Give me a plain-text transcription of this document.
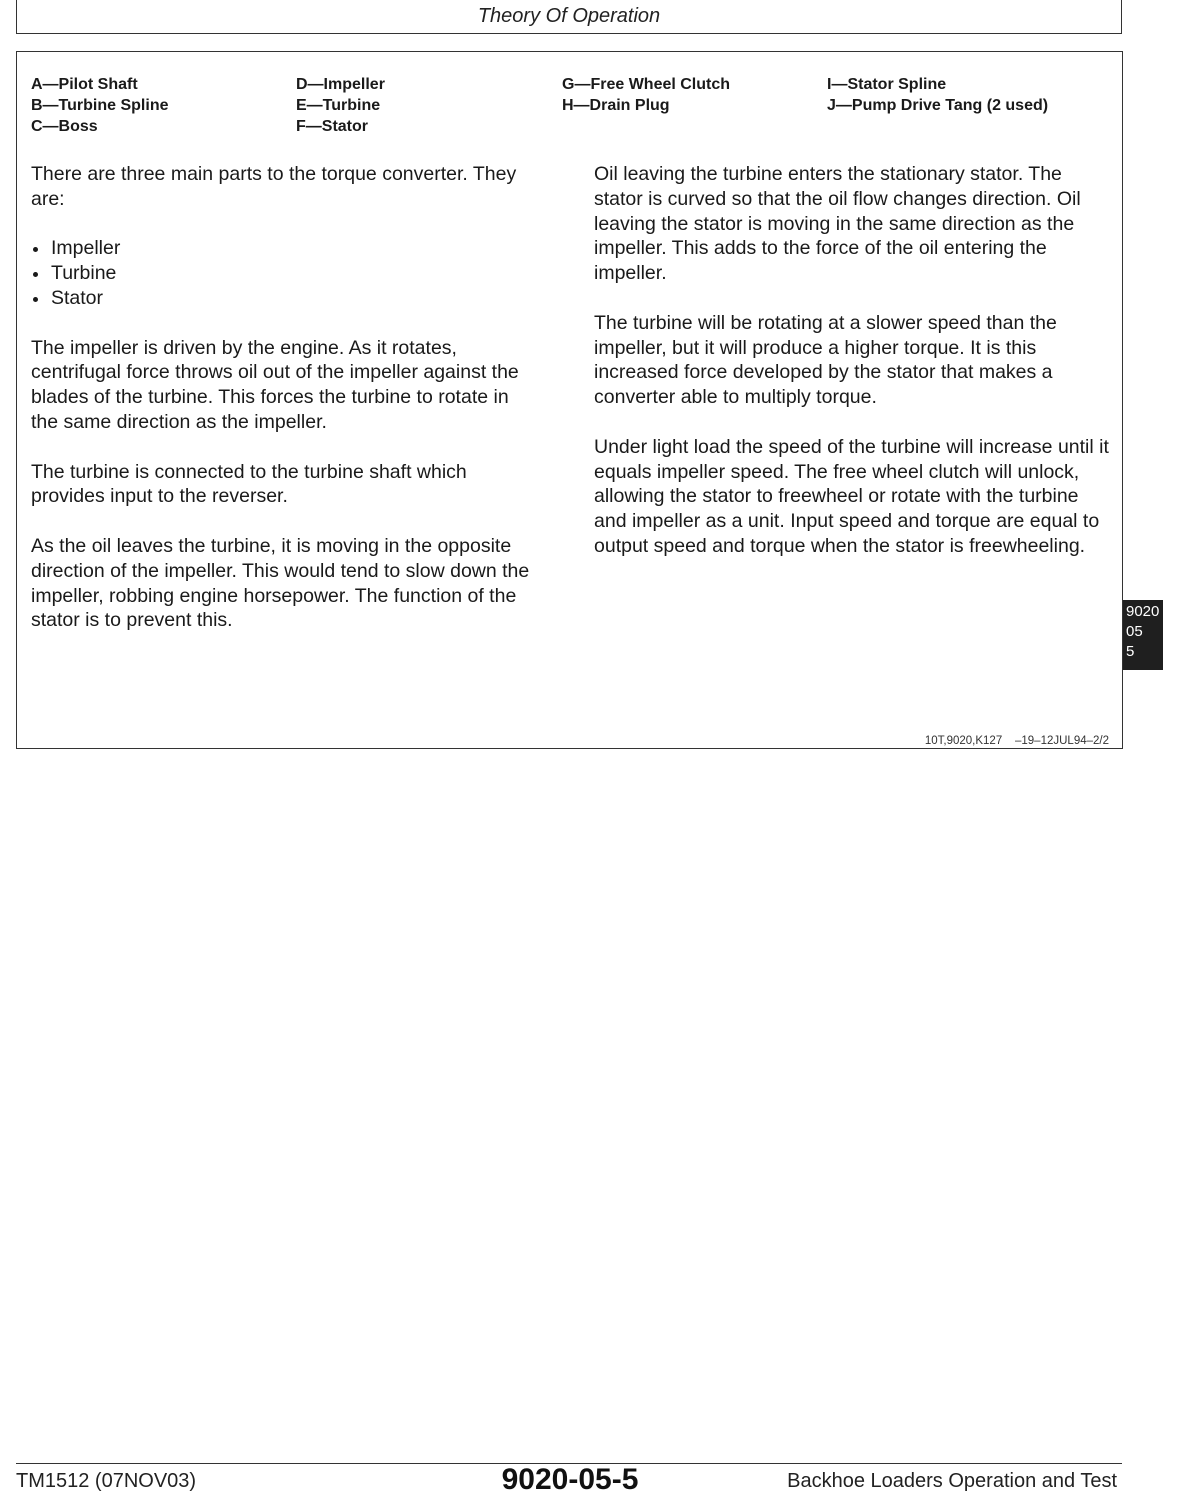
Theory Of Operation
A—Pilot Shaft
B—Turbine Spline
C—Boss
D—Impeller
E—Turbine
F—Stator
G—Free Wheel Clutch
H—Drain Plug
I—Stator Spline
J—Pump Drive Tang (2 used)

There are three main parts to the torque converter. They are:

Impeller
Turbine
Stator

The impeller is driven by the engine. As it rotates, centrifugal force throws oil out of the impeller against the blades of the turbine. This forces the turbine to rotate in the same direction as the impeller.

The turbine is connected to the turbine shaft which provides input to the reverser.

As the oil leaves the turbine, it is moving in the opposite direction of the impeller. This would tend to slow down the impeller, robbing engine horsepower. The function of the stator is to prevent this.

Oil leaving the turbine enters the stationary stator. The stator is curved so that the oil flow changes direction. Oil leaving the stator is moving in the same direction as the impeller. This adds to the force of the oil entering the impeller.

The turbine will be rotating at a slower speed than the impeller, but it will produce a higher torque. It is this increased force developed by the stator that makes a converter able to multiply torque.

Under light load the speed of the turbine will increase until it equals impeller speed. The free wheel clutch will unlock, allowing the stator to freewheel or rotate with the turbine and impeller as a unit. Input speed and torque are equal to output speed and torque when the stator is freewheeling.

10T,9020,K127    –19–12JUL94–2/2
9020
05
5
TM1512 (07NOV03)	9020-05-5	Backhoe Loaders Operation and Test
